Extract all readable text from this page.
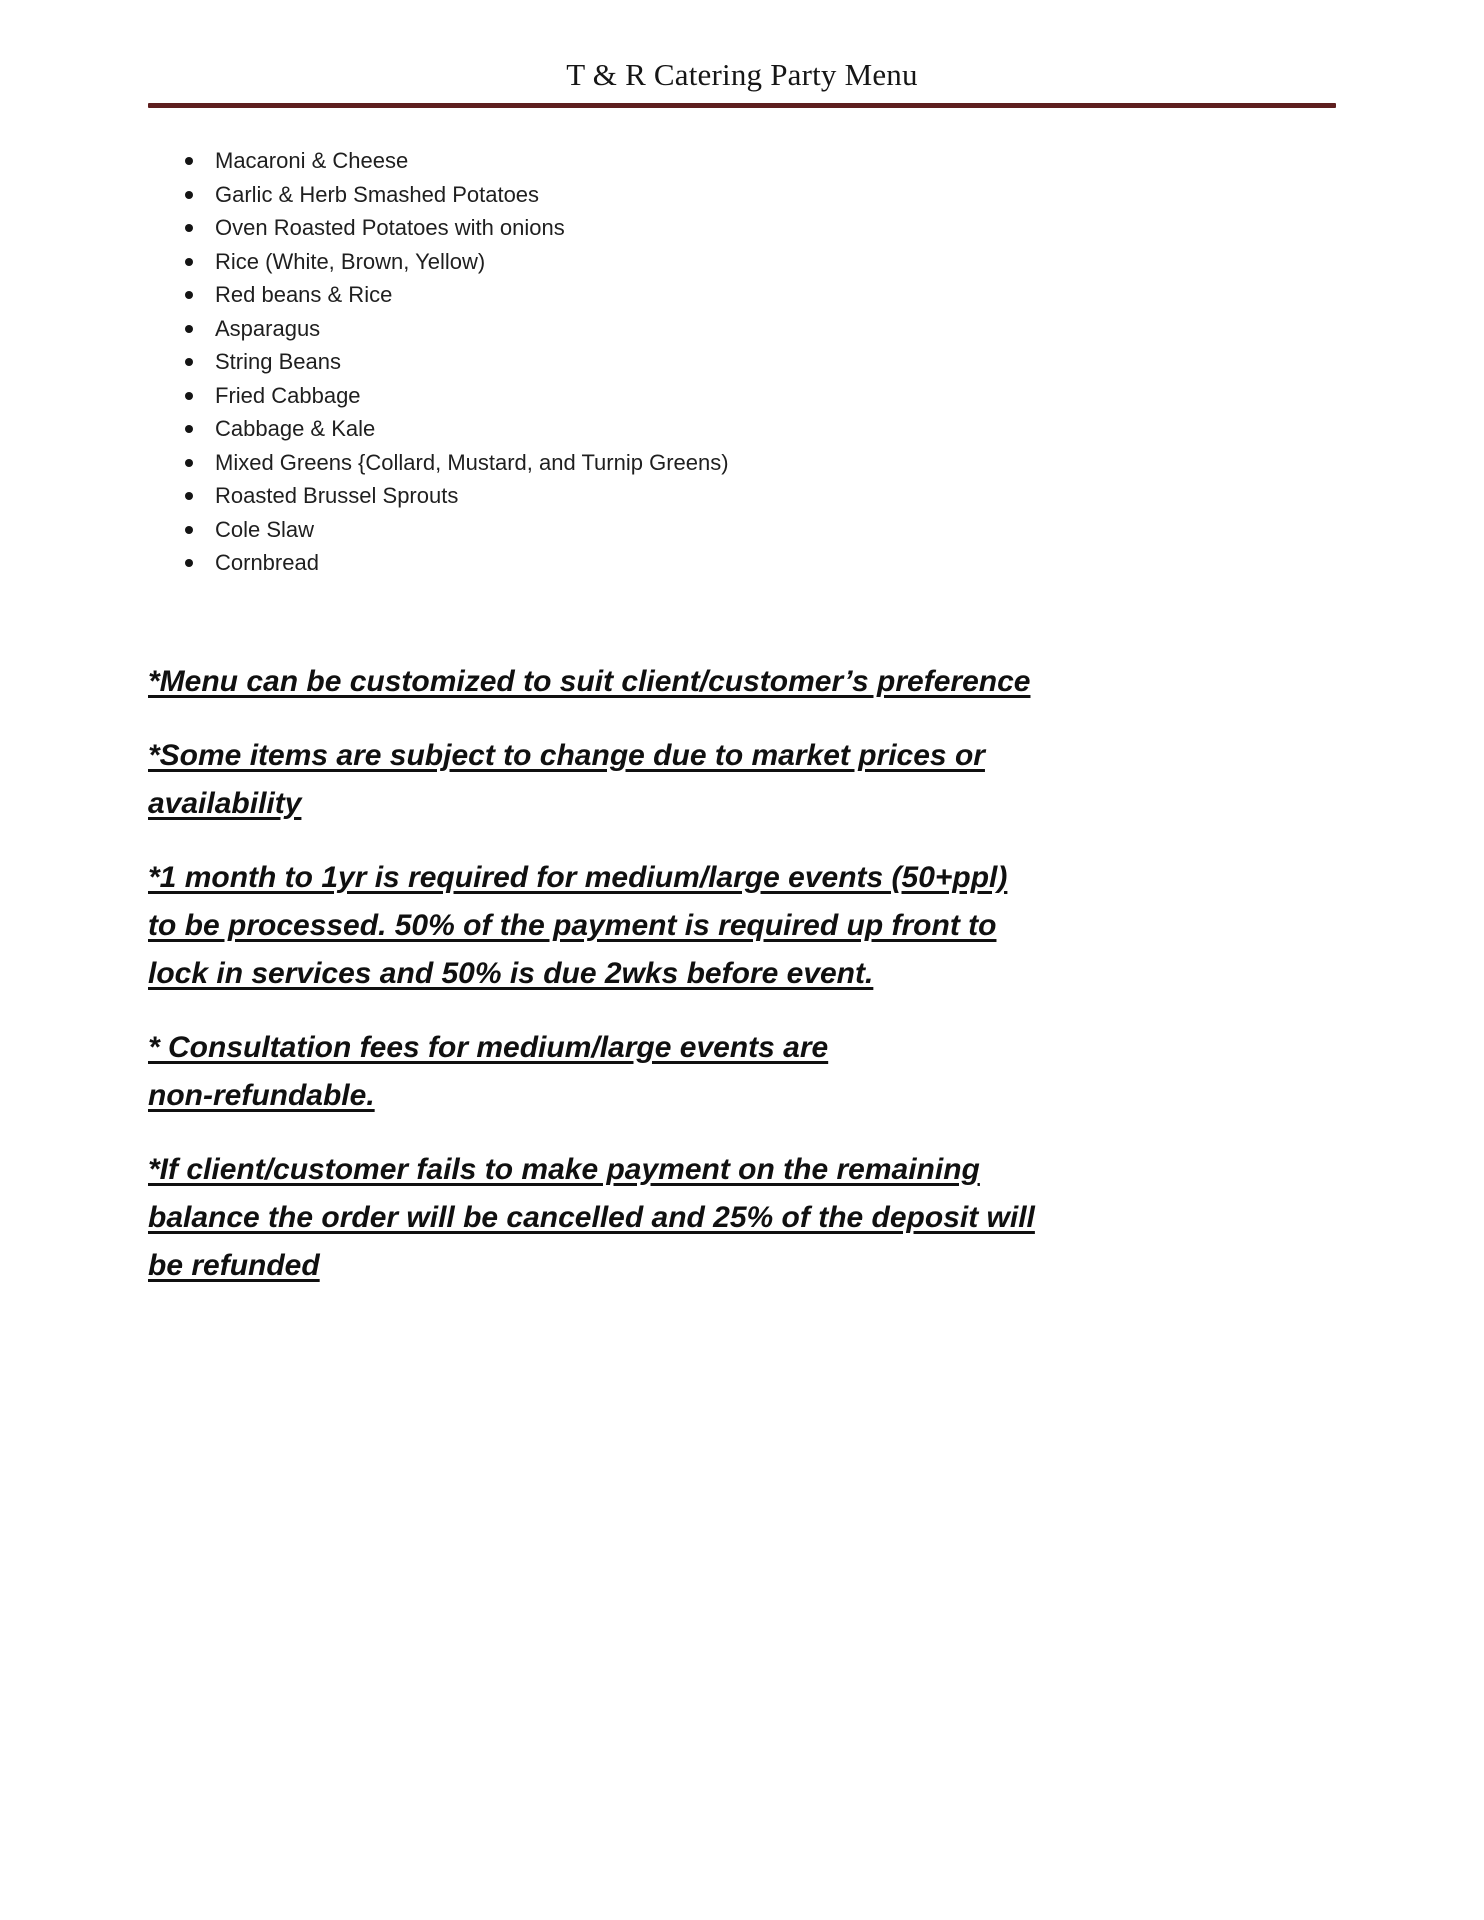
T & R Catering Party Menu
Macaroni & Cheese
Garlic & Herb Smashed Potatoes
Oven Roasted Potatoes with onions
Rice (White, Brown, Yellow)
Red beans & Rice
Asparagus
String Beans
Fried Cabbage
Cabbage & Kale
Mixed Greens {Collard, Mustard, and Turnip Greens)
Roasted Brussel Sprouts
Cole Slaw
Cornbread

*Menu can be customized to suit client/customer’s preference

*Some items are subject to change due to market prices or
availability

*1 month to 1yr is required for medium/large events (50+ppl)
to be processed. 50% of the payment is required up front to
lock in services and 50% is due 2wks before event.

* Consultation fees for medium/large events are
non-refundable.

*If client/customer fails to make payment on the remaining
balance the order will be cancelled and 25% of the deposit will
be refunded
